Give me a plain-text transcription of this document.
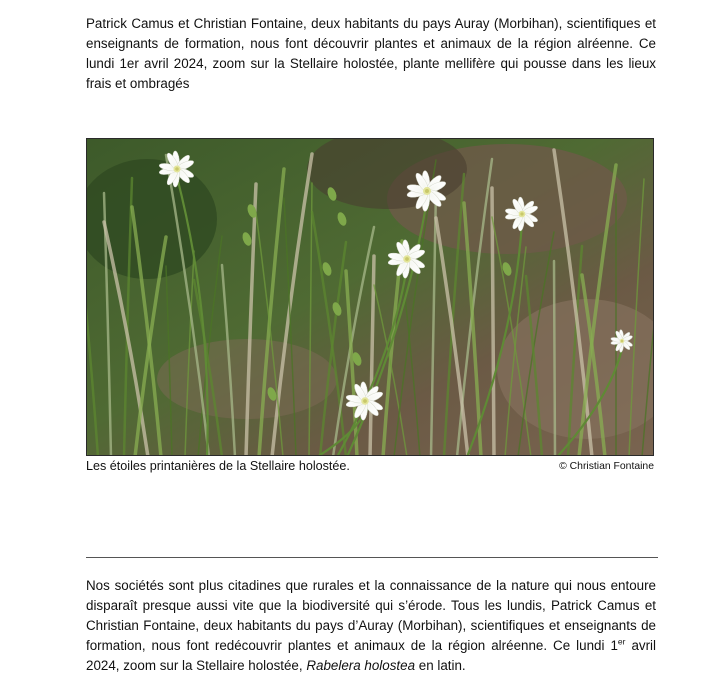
Patrick Camus et Christian Fontaine, deux habitants du pays Auray (Morbihan), scientifiques et enseignants de formation, nous font découvrir plantes et animaux de la région alréenne. Ce lundi 1er avril 2024, zoom sur la Stellaire holostée, plante mellifère qui pousse dans les lieux frais et ombragés
Les étoiles printanières de la Stellaire holostée.	© Christian Fontaine
Nos sociétés sont plus citadines que rurales et la connaissance de la nature qui nous entoure disparaît presque aussi vite que la biodiversité qui s’érode. Tous les lundis, Patrick Camus et Christian Fontaine, deux habitants du pays d’Auray (Morbihan), scientifiques et enseignants de formation, nous font redécouvrir plantes et animaux de la région alréenne. Ce lundi 1er avril 2024, zoom sur la Stellaire holostée, Rabelera holostea en latin.
